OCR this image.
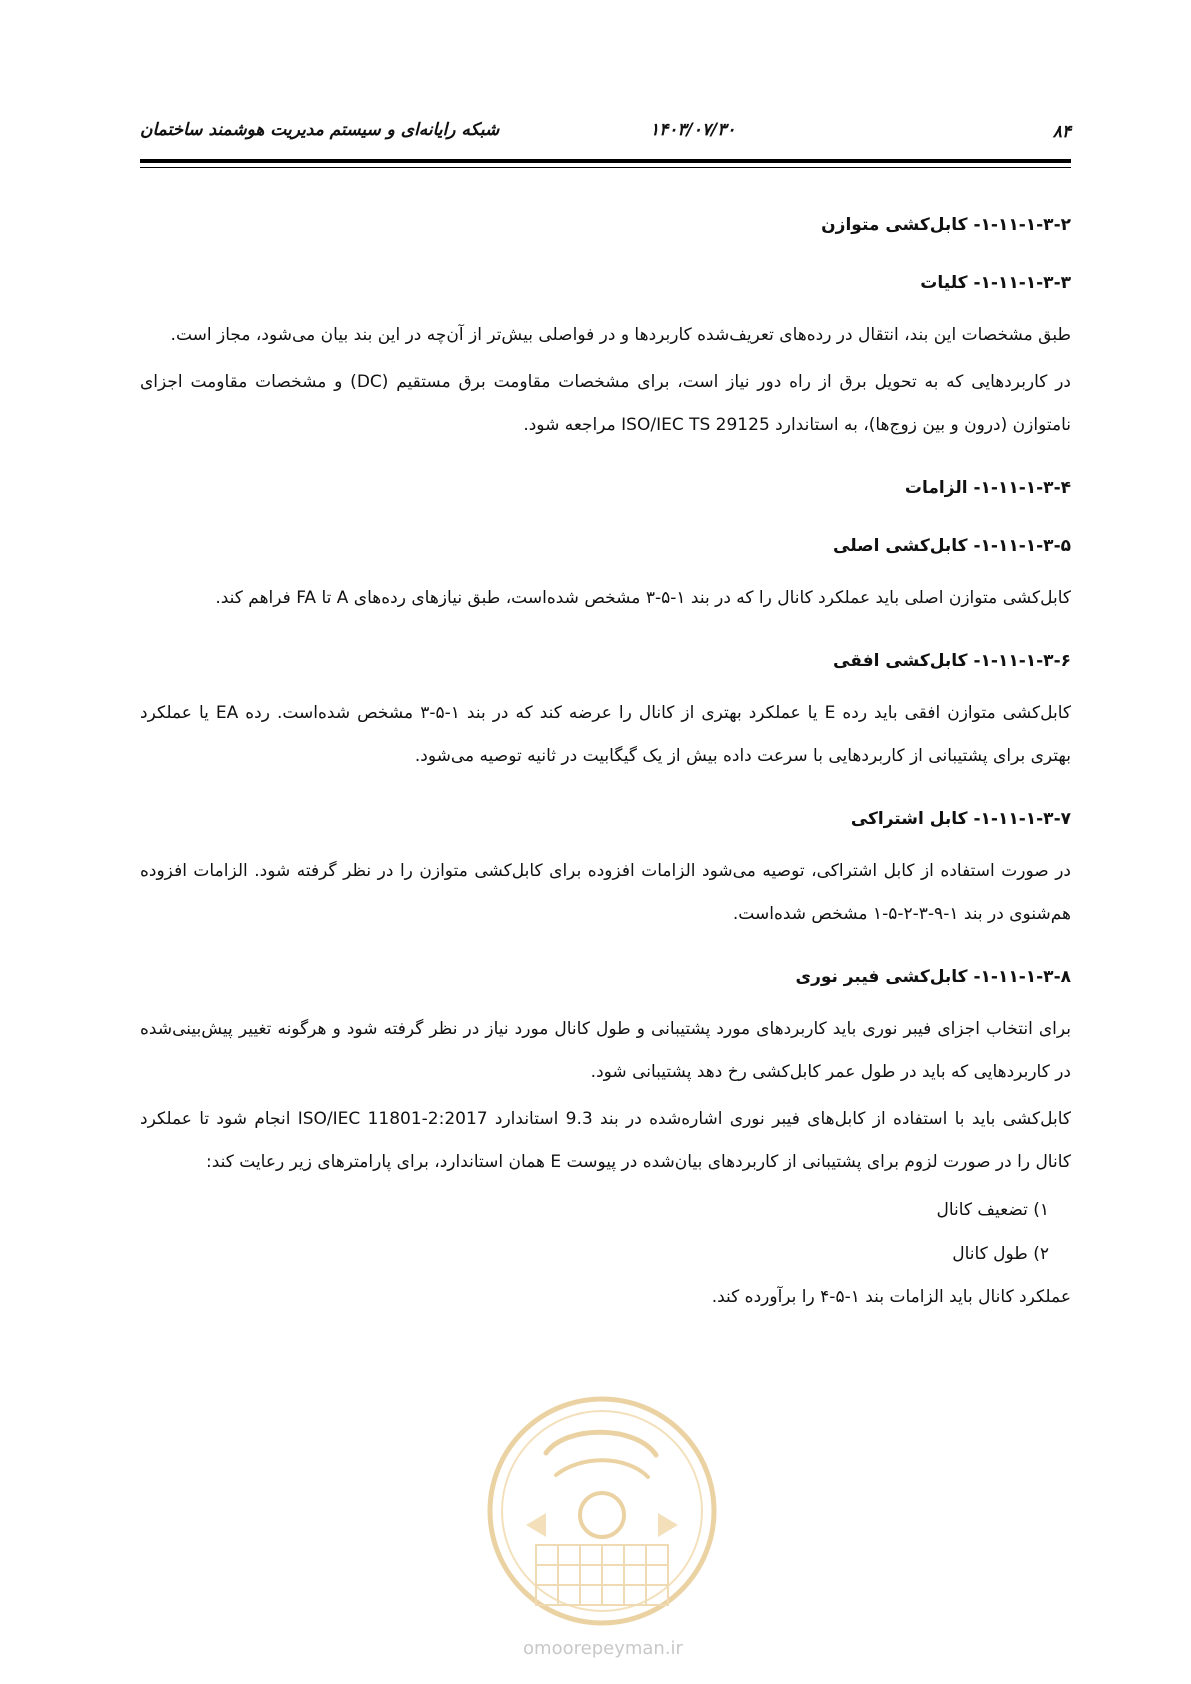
۸۴
۱۴۰۳/۰۷/۳۰
شبکه رایانه‌ای و سیستم مدیریت هوشمند ساختمان
۱-۱۱-۱-۳-۲- کابل‌کشی متوازن
۱-۱۱-۱-۳-۳- کلیات

طبق مشخصات این بند، انتقال در رده‌های تعریف‌شده کاربردها و در فواصلی بیش‌تر از آن‌چه در این بند بیان می‌شود، مجاز است.

در کاربردهایی که به تحویل برق از راه دور نیاز است، برای مشخصات مقاومت برق مستقیم (DC) و مشخصات مقاومت اجزای نامتوازن (درون و بین زوج‌ها)، به استاندارد ISO/IEC TS 29125 مراجعه شود.

۱-۱۱-۱-۳-۴- الزامات
۱-۱۱-۱-۳-۵- کابل‌کشی اصلی

کابل‌کشی متوازن اصلی باید عملکرد کانال را که در بند ۱-۵-۳ مشخص شده‌است، طبق نیازهای رده‌های A تا FA فراهم کند.

۱-۱۱-۱-۳-۶- کابل‌کشی افقی

کابل‌کشی متوازن افقی باید رده E یا عملکرد بهتری از کانال را عرضه کند که در بند ۱-۵-۳ مشخص شده‌است. رده EA یا عملکرد بهتری برای پشتیبانی از کاربردهایی با سرعت داده بیش از یک گیگابیت در ثانیه توصیه می‌شود.

۱-۱۱-۱-۳-۷- کابل اشتراکی

در صورت استفاده از کابل اشتراکی، توصیه می‌شود الزامات افزوده برای کابل‌کشی متوازن را در نظر گرفته شود. الزامات افزوده هم‌شنوی در بند ۱-۹-۳-۲-۵-۱ مشخص شده‌است.

۱-۱۱-۱-۳-۸- کابل‌کشی فیبر نوری

برای انتخاب اجزای فیبر نوری باید کاربردهای مورد پشتیبانی و طول کانال مورد نیاز در نظر گرفته شود و هرگونه تغییر پیش‌بینی‌شده در کاربردهایی که باید در طول عمر کابل‌کشی رخ دهد پشتیبانی شود.

کابل‌کشی باید با استفاده از کابل‌های فیبر نوری اشاره‌شده در بند 9.3 استاندارد ISO/IEC 11801-2:2017 انجام شود تا عملکرد کانال را در صورت لزوم برای پشتیبانی از کاربردهای بیان‌شده در پیوست E همان استاندارد، برای پارامترهای زیر رعایت کند:

۱) تضعیف کانال
۲) طول کانال

عملکرد کانال باید الزامات بند ۱-۵-۴ را برآورده کند.

omoorepeyman.ir
